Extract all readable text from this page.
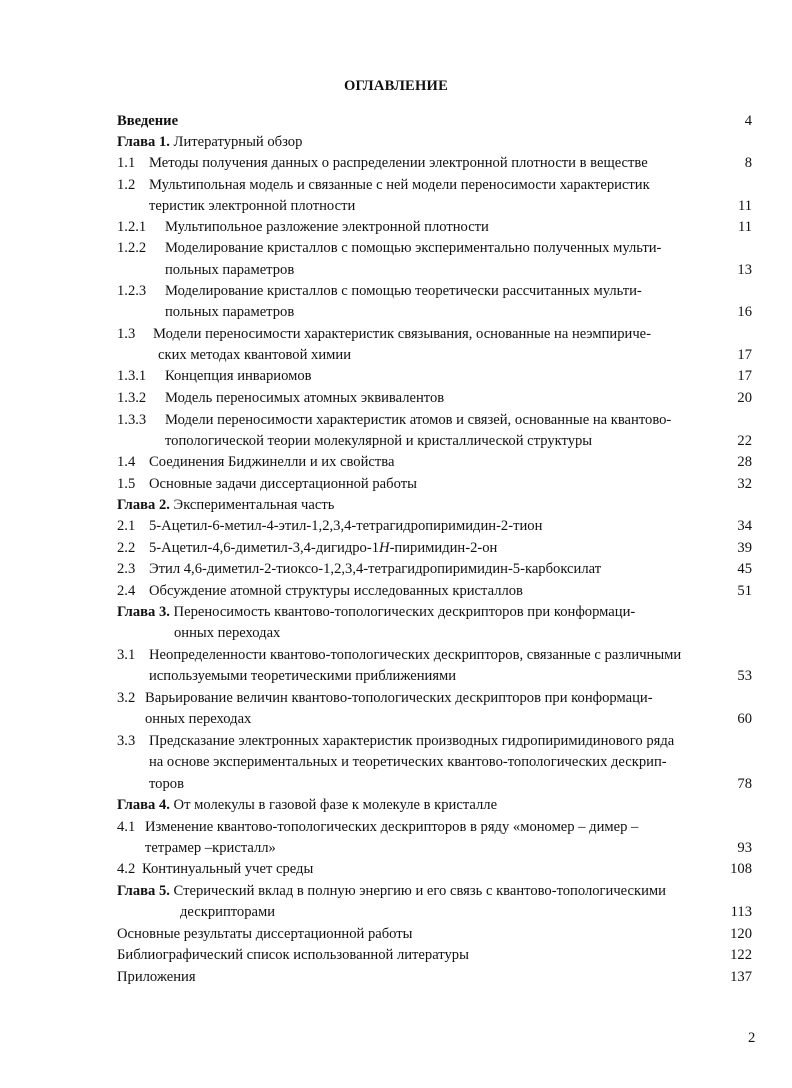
ОГЛАВЛЕНИЕ
Введение	4
Глава 1. Литературный обзор
1.1 Методы получения данных о распределении электронной плотности в веществе	8
1.2 Мультипольная модель и связанные с ней модели переносимости характеристик
теристик электронной плотности	11
1.2.1 Мультипольное разложение электронной плотности	11
1.2.2 Моделирование кристаллов с помощью экспериментально полученных мульти-
польных параметров	13
1.2.3 Моделирование кристаллов с помощью теоретически рассчитанных мульти-
польных параметров	16
1.3 Модели переносимости характеристик связывания, основанные на неэмпириче-
ских методах квантовой химии	17
1.3.1 Концепция инвариомов	17
1.3.2 Модель переносимых атомных эквивалентов	20
1.3.3 Модели переносимости характеристик атомов и связей, основанные на квантово-
топологической теории молекулярной и кристаллической структуры	22
1.4 Соединения Биджинелли и их свойства	28
1.5 Основные задачи диссертационной работы	32
Глава 2. Экспериментальная часть
2.1 5-Ацетил-6-метил-4-этил-1,2,3,4-тетрагидропиримидин-2-тион	34
2.2 5-Ацетил-4,6-диметил-3,4-дигидро-1H-пиримидин-2-он	39
2.3 Этил 4,6-диметил-2-тиоксо-1,2,3,4-тетрагидропиримидин-5-карбоксилат	45
2.4 Обсуждение атомной структуры исследованных кристаллов	51
Глава 3. Переносимость квантово-топологических дескрипторов при конформаци-
онных переходах
3.1 Неопределенности квантово-топологических дескрипторов, связанные с различными
используемыми теоретическими приближениями	53
3.2 Варьирование величин квантово-топологических дескрипторов при конформаци-
онных переходах	60
3.3 Предсказание электронных характеристик производных гидропиримидинового ряда
на основе экспериментальных и теоретических квантово-топологических дескрип-
торов	78
Глава 4. От молекулы в газовой фазе к молекуле в кристалле
4.1 Изменение квантово-топологических дескрипторов в ряду «мономер – димер –
тетрамер –кристалл»	93
4.2 Континуальный учет среды	108
Глава 5. Стерический вклад в полную энергию и его связь с квантово-топологическими
дескрипторами	113
Основные результаты диссертационной работы	120
Библиографический список использованной литературы	122
Приложения	137
2
